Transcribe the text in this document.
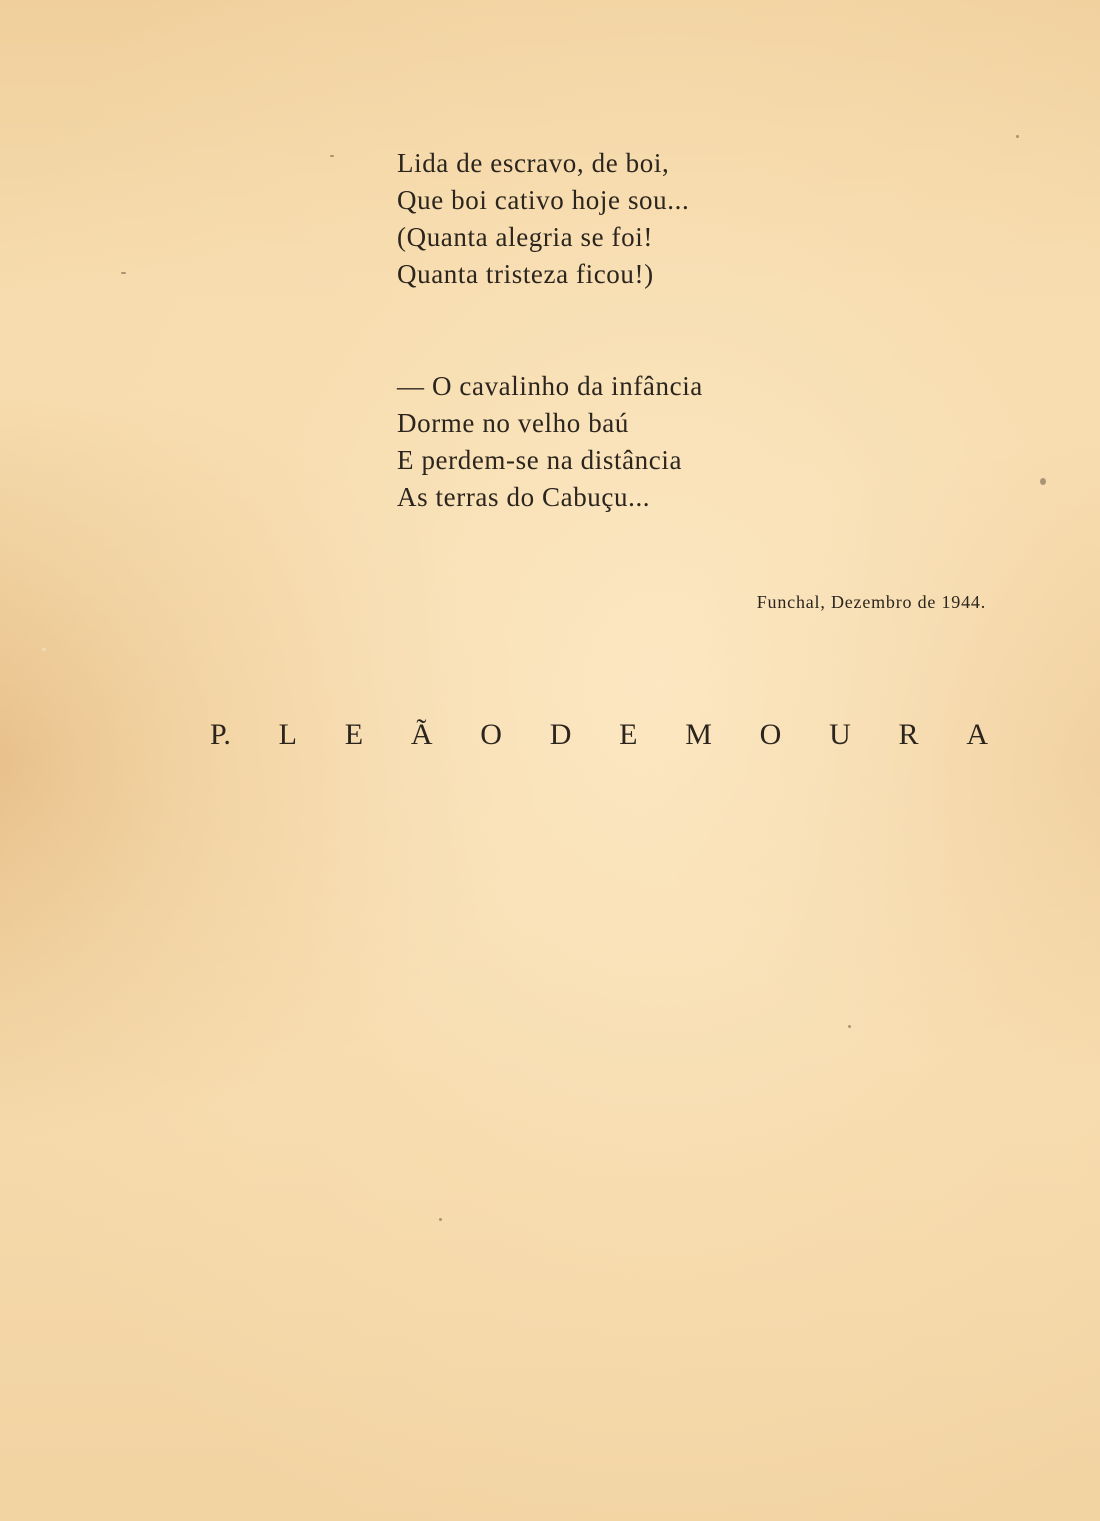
Lida de escravo, de boi,
Que boi cativo hoje sou...
(Quanta alegria se foi!
Quanta tristeza ficou!)
— O cavalinho da infância
Dorme no velho baú
E perdem-se na distância
As terras do Cabuçu...
Funchal, Dezembro de 1944.
P. L E Ã O D E M O U R A
